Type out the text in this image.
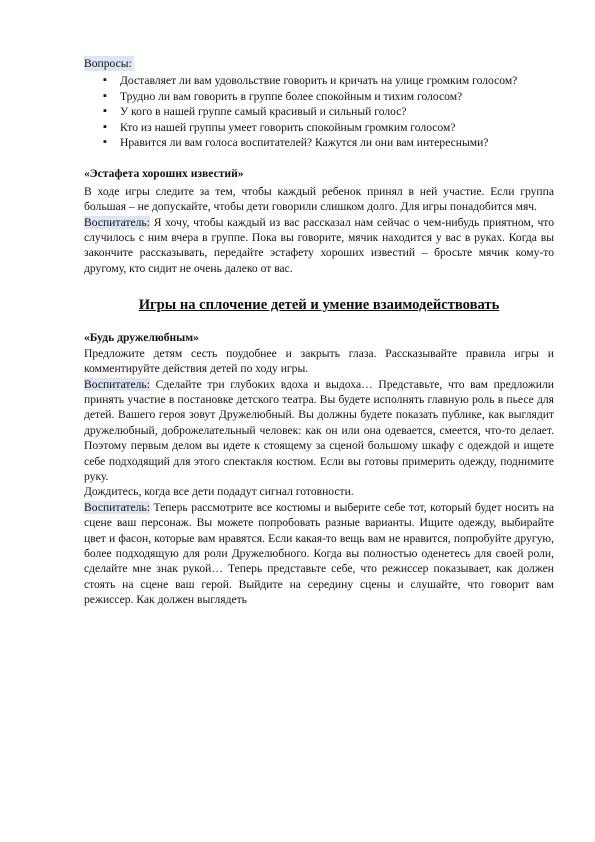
Вопросы:
▪ Доставляет ли вам удовольствие говорить и кричать на улице громким голосом?
▪ Трудно ли вам говорить в группе более спокойным и тихим голосом?
▪ У кого в нашей группе самый красивый и сильный голос?
▪ Кто из нашей группы умеет говорить спокойным громким голосом?
▪ Нравится ли вам голоса воспитателей? Кажутся ли они вам интересными?
«Эстафета хороших известий»

В ходе игры следите за тем, чтобы каждый ребенок принял в ней участие. Если группа большая – не допускайте, чтобы дети говорили слишком долго. Для игры понадобится мяч.

Воспитатель: Я хочу, чтобы каждый из вас рассказал нам сейчас о чем-нибудь приятном, что случилось с ним вчера в группе. Пока вы говорите, мячик находится у вас в руках. Когда вы закончите рассказывать, передайте эстафету хороших известий – бросьте мячик кому-то другому, кто сидит не очень далеко от вас.

Игры на сплочение детей и умение взаимодействовать
«Будь дружелюбным»

Предложите детям сесть поудобнее и закрыть глаза. Рассказывайте правила игры и комментируйте действия детей по ходу игры.

Воспитатель: Сделайте три глубоких вдоха и выдоха… Представьте, что вам предложили принять участие в постановке детского театра. Вы будете исполнять главную роль в пьесе для детей. Вашего героя зовут Дружелюбный. Вы должны будете показать публике, как выглядит дружелюбный, доброжелательный человек: как он или она одевается, смеется, что-то делает. Поэтому первым делом вы идете к стоящему за сценой большому шкафу с одеждой и ищете себе подходящий для этого спектакля костюм. Если вы готовы примерить одежду, поднимите руку.

Дождитесь, когда все дети подадут сигнал готовности.

Воспитатель: Теперь рассмотрите все костюмы и выберите себе тот, который будет носить на сцене ваш персонаж. Вы можете попробовать разные варианты. Ищите одежду, выбирайте цвет и фасон, которые вам нравятся. Если какая-то вещь вам не нравится, попробуйте другую, более подходящую для роли Дружелюбного. Когда вы полностью оденетесь для своей роли, сделайте мне знак рукой… Теперь представьте себе, что режиссер показывает, как должен стоять на сцене ваш герой. Выйдите на середину сцены и слушайте, что говорит вам режиссер. Как должен выглядеть
